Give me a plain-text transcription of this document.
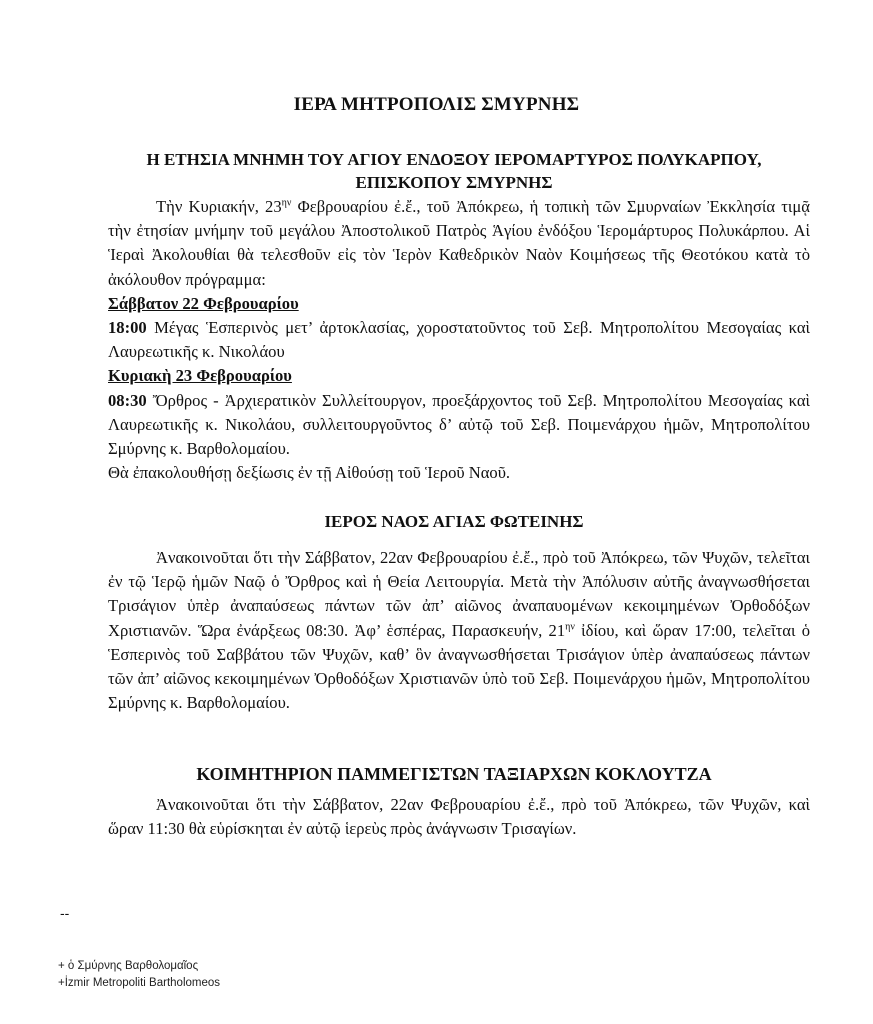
ΙΕΡΑ ΜΗΤΡΟΠΟΛΙΣ ΣΜΥΡΝΗΣ
Η ΕΤΗΣΙΑ ΜΝΗΜΗ ΤΟΥ ΑΓΙΟΥ ΕΝΔΟΞΟΥ ΙΕΡΟΜΑΡΤΥΡΟΣ ΠΟΛΥΚΑΡΠΟΥ,
ΕΠΙΣΚΟΠΟΥ ΣΜΥΡΝΗΣ

Τὴν Κυριακήν, $23^{\eta\nu}$ Φεβρουαρίου ἐ.ἔ., τοῦ Ἀπόκρεω, ἡ τοπικὴ τῶν Σμυρναίων Ἐκκλησία τιμᾷ τὴν ἐτησίαν μνήμην τοῦ μεγάλου Ἀποστολικοῦ Πατρὸς Ἁγίου ἐνδόξου Ἱερομάρτυρος Πολυκάρπου. Αἱ Ἱεραὶ Ἀκολουθίαι θὰ τελεσθοῦν εἰς τὸν Ἱερὸν Καθεδρικὸν Ναὸν Κοιμήσεως τῆς Θεοτόκου κατὰ τὸ ἀκόλουθον πρόγραμμα:

Σάββατον 22 Φεβρουαρίου

18:00 Μέγας Ἑσπερινὸς μετ’ ἀρτοκλασίας, χοροστατοῦντος τοῦ Σεβ. Μητροπολίτου Μεσογαίας καὶ Λαυρεωτικῆς κ. Νικολάου

Κυριακὴ 23 Φεβρουαρίου

08:30 Ὄρθρος - Ἀρχιερατικὸν Συλλείτουργον, προεξάρχοντος τοῦ Σεβ. Μητροπολίτου Μεσογαίας καὶ Λαυρεωτικῆς κ. Νικολάου, συλλειτουργοῦντος δ’ αὐτῷ τοῦ Σεβ. Ποιμενάρχου ἡμῶν, Μητροπολίτου Σμύρνης κ. Βαρθολομαίου.

Θὰ ἐπακολουθήσῃ δεξίωσις ἐν τῇ Αἰθούσῃ τοῦ Ἱεροῦ Ναοῦ.

ΙΕΡΟΣ ΝΑΟΣ ΑΓΙΑΣ ΦΩΤΕΙΝΗΣ

Ἀνακοινοῦται ὅτι τὴν Σάββατον, 22αν Φεβρουαρίου ἐ.ἔ., πρὸ τοῦ Ἀπόκρεω, τῶν Ψυχῶν, τελεῖται ἐν τῷ Ἱερῷ ἡμῶν Ναῷ ὁ Ὄρθρος καὶ ἡ Θεία Λειτουργία. Μετὰ τὴν Ἀπόλυσιν αὐτῆς ἀναγνωσθήσεται Τρισάγιον ὑπὲρ ἀναπαύσεως πάντων τῶν ἀπ’ αἰῶνος ἀναπαυομένων κεκοιμημένων Ὀρθοδόξων Χριστιανῶν. Ὥρα ἐνάρξεως 08:30. Ἀφ’ ἑσπέρας, Παρασκευήν, $21^{\eta\nu}$ ἰδίου, καὶ ὥραν 17:00, τελεῖται ὁ Ἑσπερινὸς τοῦ Σαββάτου τῶν Ψυχῶν, καθ’ ὃν ἀναγνωσθήσεται Τρισάγιον ὑπὲρ ἀναπαύσεως πάντων τῶν ἀπ’ αἰῶνος κεκοιμημένων Ὀρθοδόξων Χριστιανῶν ὑπὸ τοῦ Σεβ. Ποιμενάρχου ἡμῶν, Μητροπολίτου Σμύρνης κ. Βαρθολομαίου.

ΚΟΙΜΗΤΗΡΙΟΝ ΠΑΜΜΕΓΙΣΤΩΝ ΤΑΞΙΑΡΧΩΝ ΚΟΚΛΟΥΤΖΑ

Ἀνακοινοῦται ὅτι τὴν Σάββατον, 22αν Φεβρουαρίου ἐ.ἔ., πρὸ τοῦ Ἀπόκρεω, τῶν Ψυχῶν, καὶ ὥραν 11:30 θὰ εὑρίσκηται ἐν αὐτῷ ἱερεὺς πρὸς ἀνάγνωσιν Τρισαγίων.

--
+ ὁ Σμύρνης Βαρθολομαῖος
+İzmir Metropoliti Bartholomeos
